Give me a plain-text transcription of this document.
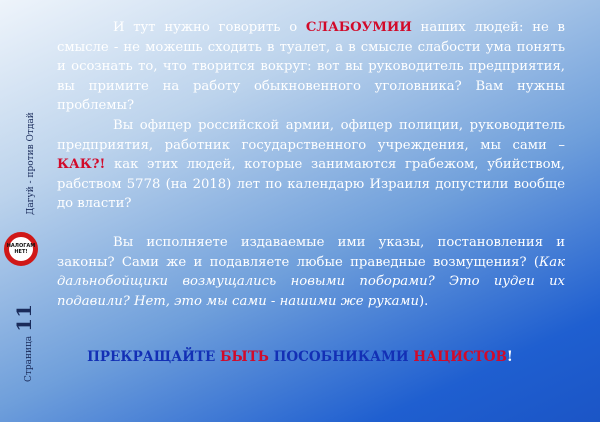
Дагуй - против Отдай
НАЛОГАМ
НЕТ!
Страница11

И тут нужно говорить о СЛАБОУМИИ наших людей: не в смысле - не можешь сходить в туалет, а в смысле слабости ума понять и осознать то, что творится вокруг: вот вы руководитель предприятия, вы примите на работу обыкновенного уголовника? Вам нужны проблемы?

Вы офицер российской армии, офицер полиции, руководитель предприятия, работник государственного учреждения, мы сами – КАК?! как этих людей, которые занимаются грабежом, убийством, рабством 5778 (на 2018) лет по календарю Израиля допустили вообще до власти?

Вы исполняете издаваемые ими указы, постановления и законы? Сами же и подавляете любые праведные возмущения? (Как дальнобойщики возмущались новыми поборами? Это иудеи их подавили? Нет, это мы сами - нашими же руками).

ПРЕКРАЩАЙТЕ БЫТЬ ПОСОБНИКАМИ НАЦИСТОВ!
